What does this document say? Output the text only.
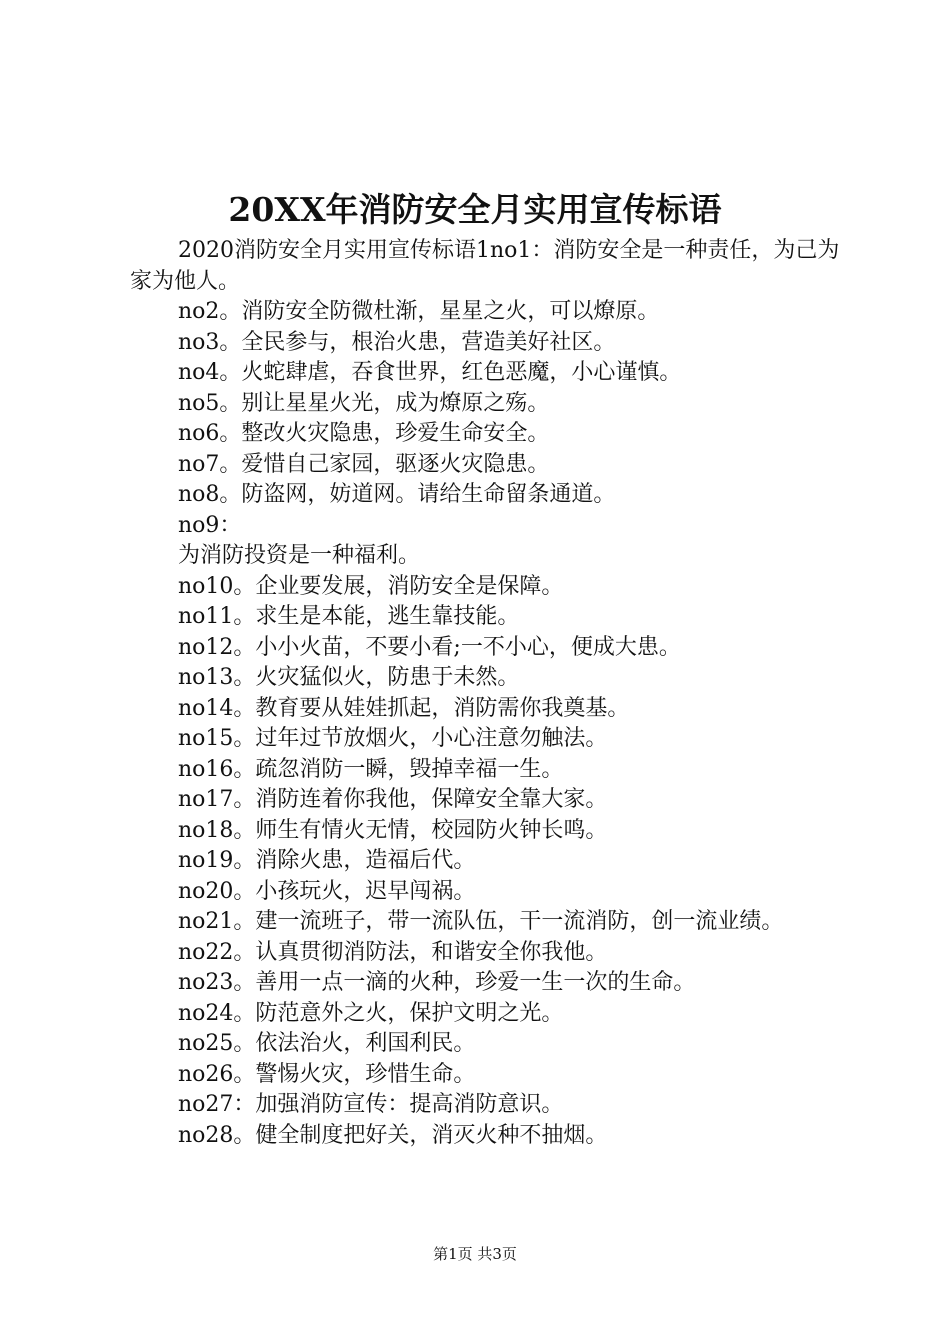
20XX年消防安全月实用宣传标语

2020消防安全月实用宣传标语1no1：消防安全是一种责任，为己为家为他人。

no2。消防安全防微杜渐，星星之火，可以燎原。

no3。全民参与，根治火患，营造美好社区。

no4。火蛇肆虐，吞食世界，红色恶魔，小心谨慎。

no5。别让星星火光，成为燎原之殇。

no6。整改火灾隐患，珍爱生命安全。

no7。爱惜自己家园，驱逐火灾隐患。

no8。防盗网，妨道网。请给生命留条通道。

no9：

为消防投资是一种福利。

no10。企业要发展，消防安全是保障。

no11。求生是本能，逃生靠技能。

no12。小小火苗，不要小看;一不小心，便成大患。

no13。火灾猛似火，防患于未然。

no14。教育要从娃娃抓起，消防需你我奠基。

no15。过年过节放烟火，小心注意勿触法。

no16。疏忽消防一瞬，毁掉幸福一生。

no17。消防连着你我他，保障安全靠大家。

no18。师生有情火无情，校园防火钟长鸣。

no19。消除火患，造福后代。

no20。小孩玩火，迟早闯祸。

no21。建一流班子，带一流队伍，干一流消防，创一流业绩。

no22。认真贯彻消防法，和谐安全你我他。

no23。善用一点一滴的火种，珍爱一生一次的生命。

no24。防范意外之火，保护文明之光。

no25。依法治火，利国利民。

no26。警惕火灾，珍惜生命。

no27：加强消防宣传：提高消防意识。

no28。健全制度把好关，消灭火种不抽烟。

第1页 共3页
